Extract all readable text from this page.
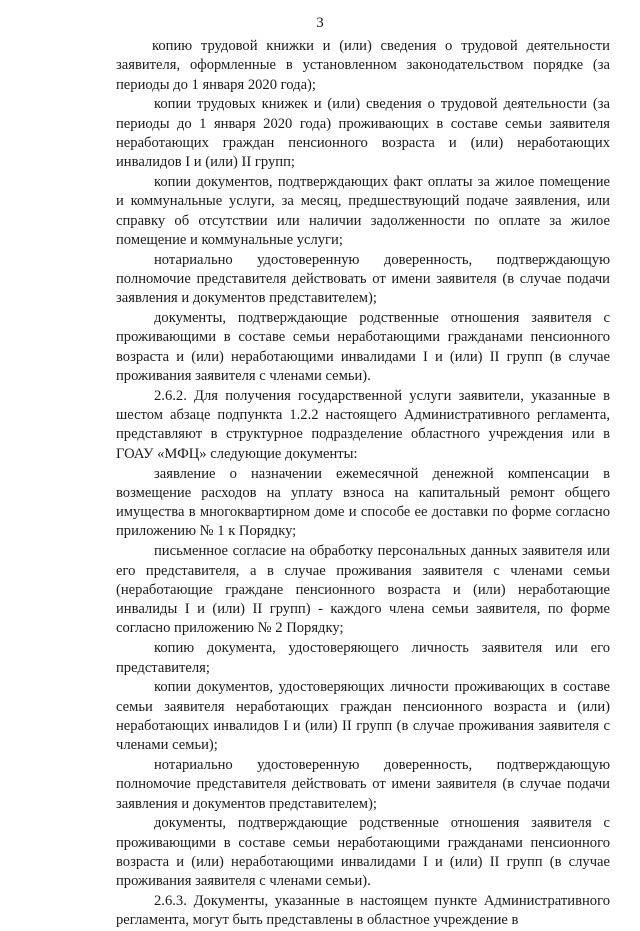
3

копию трудовой книжки и (или) сведения о трудовой деятельности заявителя, оформленные в установленном законодательством порядке (за периоды до 1 января 2020 года);

копии трудовых книжек и (или) сведения о трудовой деятельности (за периоды до 1 января 2020 года) проживающих в составе семьи заявителя неработающих граждан пенсионного возраста и (или) неработающих инвалидов I и (или) II групп;

копии документов, подтверждающих факт оплаты за жилое помещение и коммунальные услуги, за месяц, предшествующий подаче заявления, или справку об отсутствии или наличии задолженности по оплате за жилое помещение и коммунальные услуги;

нотариально удостоверенную доверенность, подтверждающую полномочие представителя действовать от имени заявителя (в случае подачи заявления и документов представителем);

документы, подтверждающие родственные отношения заявителя с проживающими в составе семьи неработающими гражданами пенсионного возраста и (или) неработающими инвалидами I и (или) II групп (в случае проживания заявителя с членами семьи).

2.6.2. Для получения государственной услуги заявители, указанные в шестом абзаце подпункта 1.2.2 настоящего Административного регламента, представляют в структурное подразделение областного учреждения или в ГОАУ «МФЦ» следующие документы:

заявление о назначении ежемесячной денежной компенсации в возмещение расходов на уплату взноса на капитальный ремонт общего имущества в многоквартирном доме и способе ее доставки по форме согласно приложению № 1 к Порядку;

письменное согласие на обработку персональных данных заявителя или его представителя, а в случае проживания заявителя с членами семьи (неработающие граждане пенсионного возраста и (или) неработающие инвалиды I и (или) II групп) - каждого члена семьи заявителя, по форме согласно приложению № 2 Порядку;

копию документа, удостоверяющего личность заявителя или его представителя;

копии документов, удостоверяющих личности проживающих в составе семьи заявителя неработающих граждан пенсионного возраста и (или) неработающих инвалидов I и (или) II групп (в случае проживания заявителя с членами семьи);

нотариально удостоверенную доверенность, подтверждающую полномочие представителя действовать от имени заявителя (в случае подачи заявления и документов представителем);

документы, подтверждающие родственные отношения заявителя с проживающими в составе семьи неработающими гражданами пенсионного возраста и (или) неработающими инвалидами I и (или) II групп (в случае проживания заявителя с членами семьи).

2.6.3. Документы, указанные в настоящем пункте Административного регламента, могут быть представлены в областное учреждение в
